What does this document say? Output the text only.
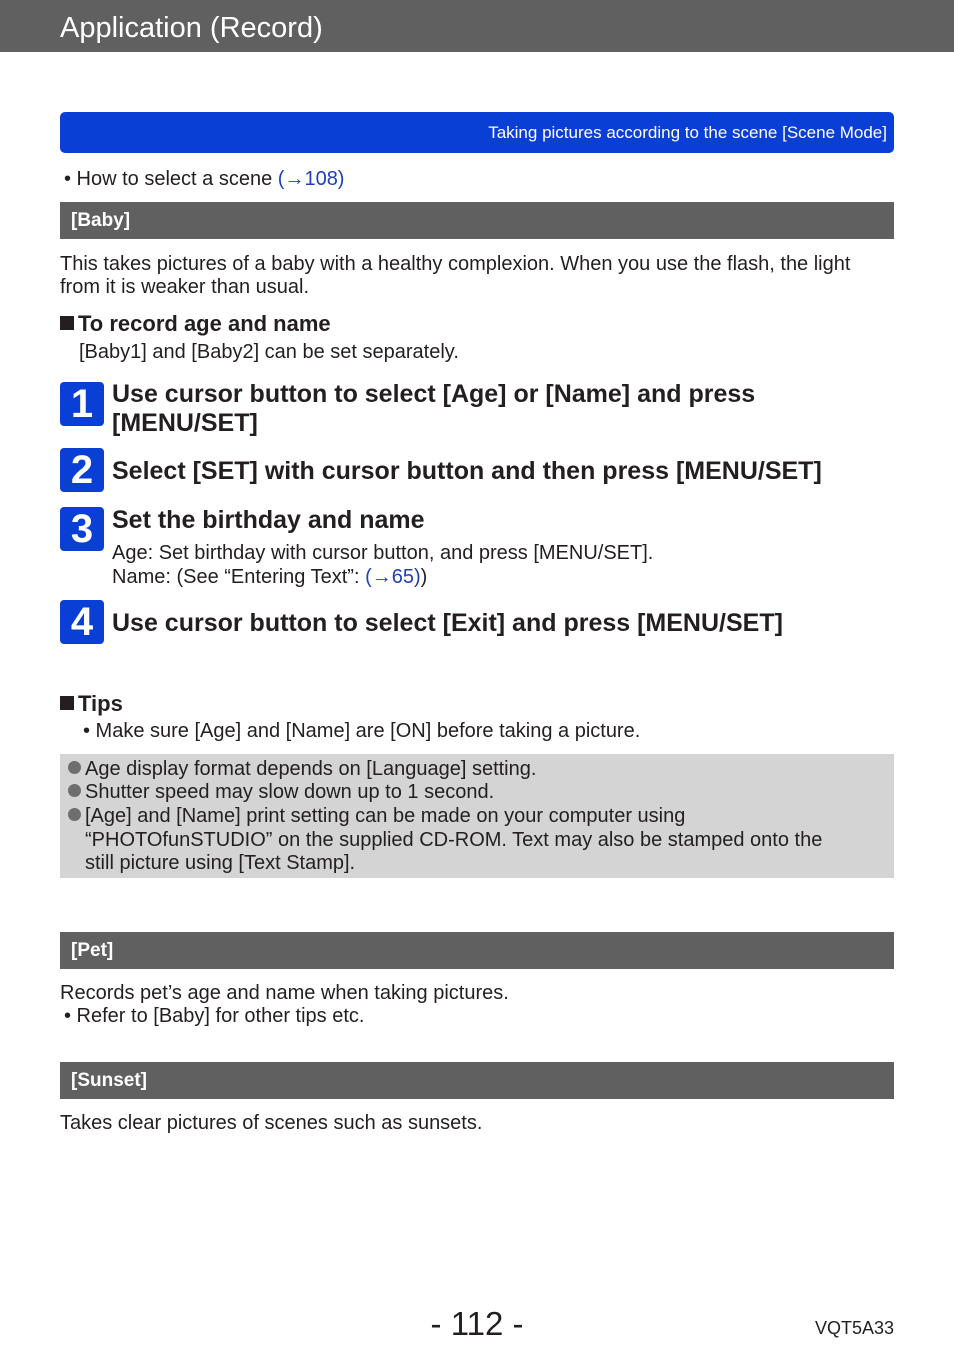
Application (Record)
Taking pictures according to the scene [Scene Mode]
• How to select a scene (→108)
[Baby]
This takes pictures of a baby with a healthy complexion. When you use the flash, the light
from it is weaker than usual.
To record age and name
[Baby1] and [Baby2] can be set separately.
1 Use cursor button to select [Age] or [Name] and press
[MENU/SET]
2 Select [SET] with cursor button and then press [MENU/SET]
3 Set the birthday and name
Age: Set birthday with cursor button, and press [MENU/SET].
Name: (See “Entering Text”: (→65))
4 Use cursor button to select [Exit] and press [MENU/SET]
Tips
• Make sure [Age] and [Name] are [ON] before taking a picture.
Age display format depends on [Language] setting.
Shutter speed may slow down up to 1 second.
[Age] and [Name] print setting can be made on your computer using
“PHOTOfunSTUDIO” on the supplied CD-ROM. Text may also be stamped onto the
still picture using [Text Stamp].
[Pet]
Records pet’s age and name when taking pictures.
• Refer to [Baby] for other tips etc.
[Sunset]
Takes clear pictures of scenes such as sunsets.
- 112 -	VQT5A33
